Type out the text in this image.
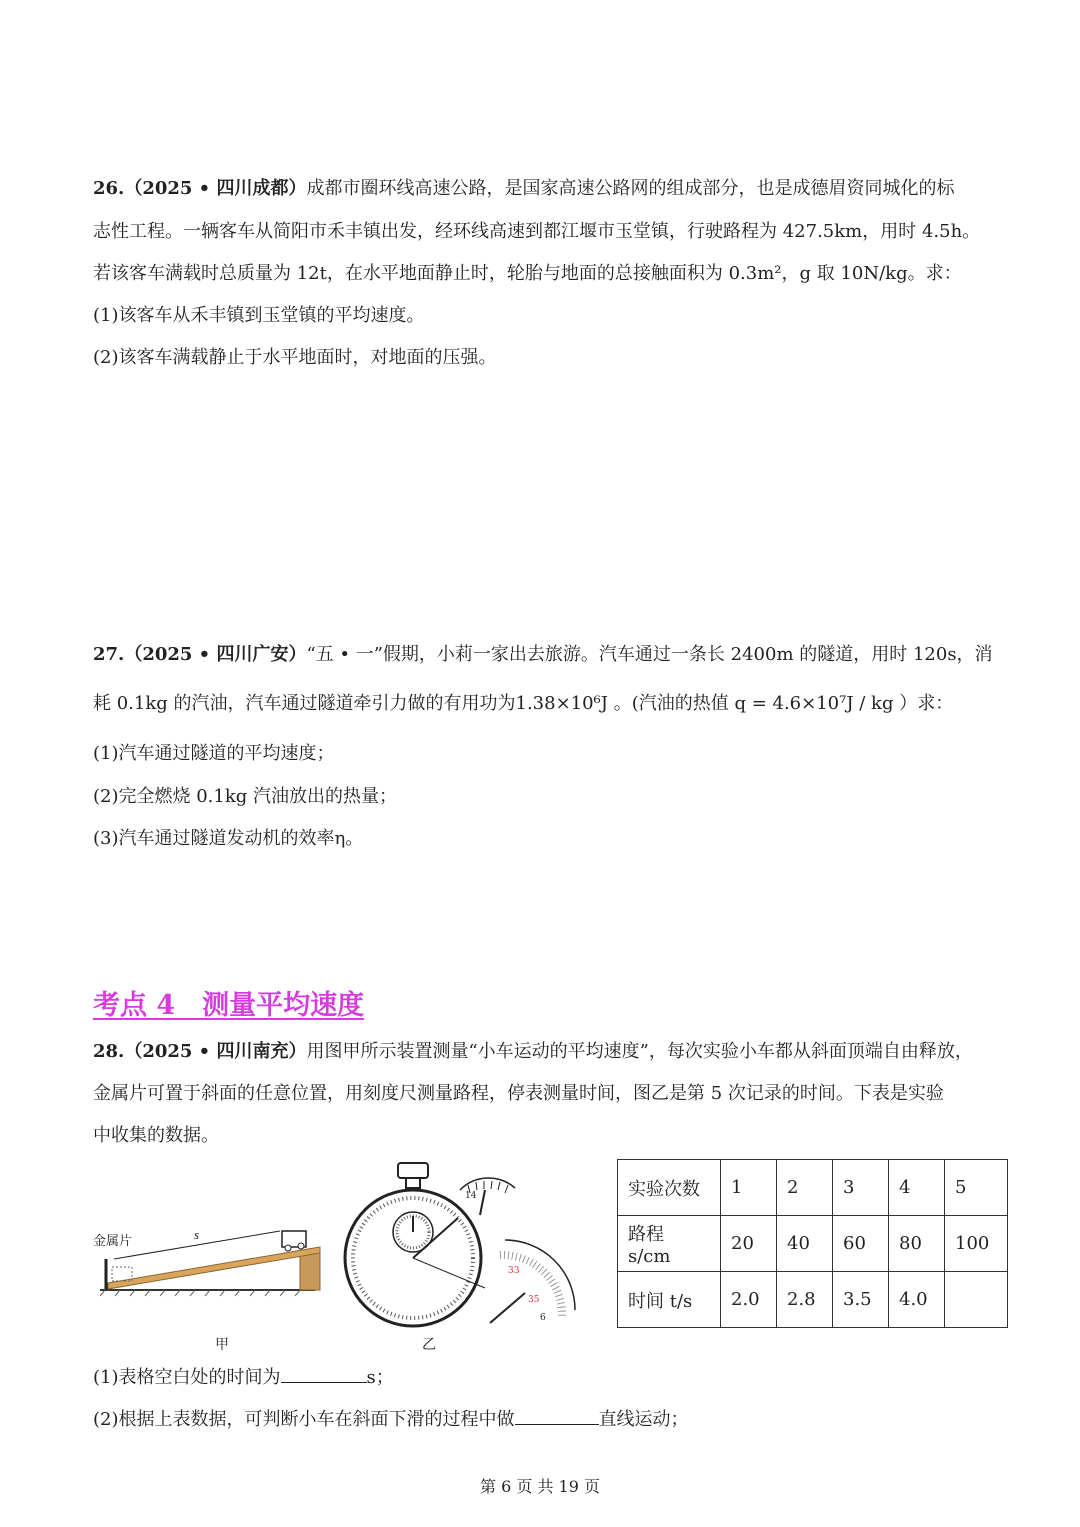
26.（2025 • 四川成都）成都市圈环线高速公路，是国家高速公路网的组成部分，也是成德眉资同城化的标
志性工程。一辆客车从简阳市禾丰镇出发，经环线高速到都江堰市玉堂镇，行驶路程为 427.5km，用时 4.5h。
若该客车满载时总质量为 12t，在水平地面静止时，轮胎与地面的总接触面积为 0.3m²，g 取 10N/kg。求：
(1)该客车从禾丰镇到玉堂镇的平均速度。
(2)该客车满载静止于水平地面时，对地面的压强。
27.（2025 • 四川广安）“五 • 一”假期，小莉一家出去旅游。汽车通过一条长 2400m 的隧道，用时 120s，消
耗 0.1kg 的汽油，汽车通过隧道牵引力做的有用功为1.38×10⁶J 。(汽油的热值 q = 4.6×10⁷J / kg ）求：
(1)汽车通过隧道的平均速度；
(2)完全燃烧 0.1kg 汽油放出的热量；
(3)汽车通过隧道发动机的效率η。
考点 4　测量平均速度
28.（2025 • 四川南充）用图甲所示装置测量“小车运动的平均速度”，每次实验小车都从斜面顶端自由释放，
金属片可置于斜面的任意位置，用刻度尺测量路程，停表测量时间，图乙是第 5 次记录的时间。下表是实验
中收集的数据。
金属片	s
甲
14
33
35
6
乙
实验次数	1	2	3	4	5
路程 s/cm	20	40	60	80	100
时间 t/s	2.0	2.8	3.5	4.0	
(1)表格空白处的时间为	s；
(2)根据上表数据，可判断小车在斜面下滑的过程中做	直线运动；
第 6 页 共 19 页
